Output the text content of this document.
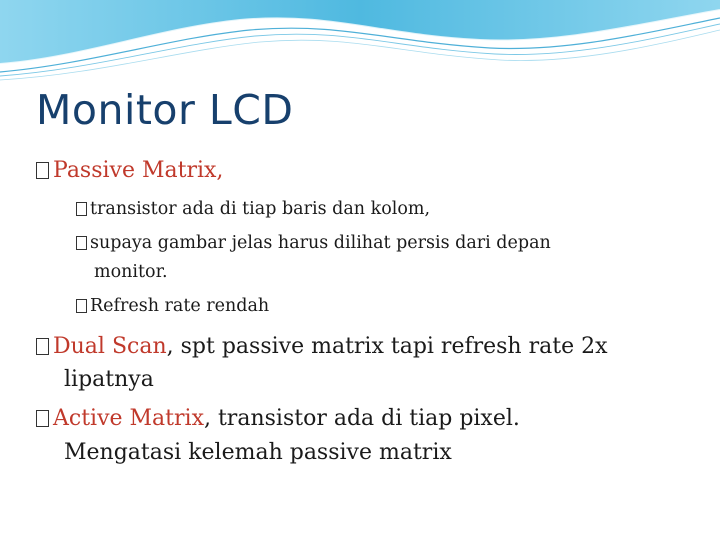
Monitor LCD
Passive Matrix,
transistor ada di tiap baris dan kolom,
supaya gambar jelas harus dilihat persis dari depan
monitor.
Refresh rate rendah
Dual Scan, spt passive matrix tapi refresh rate 2x
lipatnya
Active Matrix, transistor ada di tiap pixel.
Mengatasi kelemah passive matrix
